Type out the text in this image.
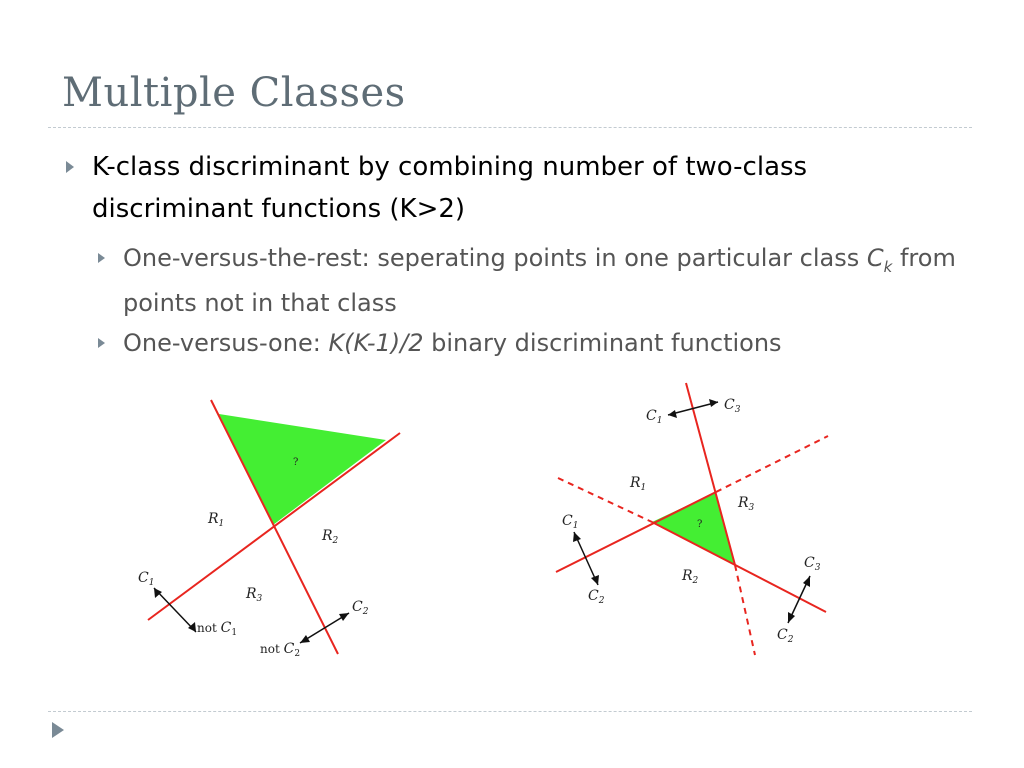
Multiple Classes
K-class discriminant by combining number of two-class discriminant functions (K>2)
One-versus-the-rest: seperating points in one particular class $C_k$ from points not in that class
One-versus-one: K(K-1)/2 binary discriminant functions
?
$R_1$
$R_2$
$R_3$
$C_1$
not $C_1$
$C_2$
not $C_2$
?
$R_1$
$R_2$
$R_3$
$C_1$
$C_3$
$C_1$
$C_2$
$C_3$
$C_2$
